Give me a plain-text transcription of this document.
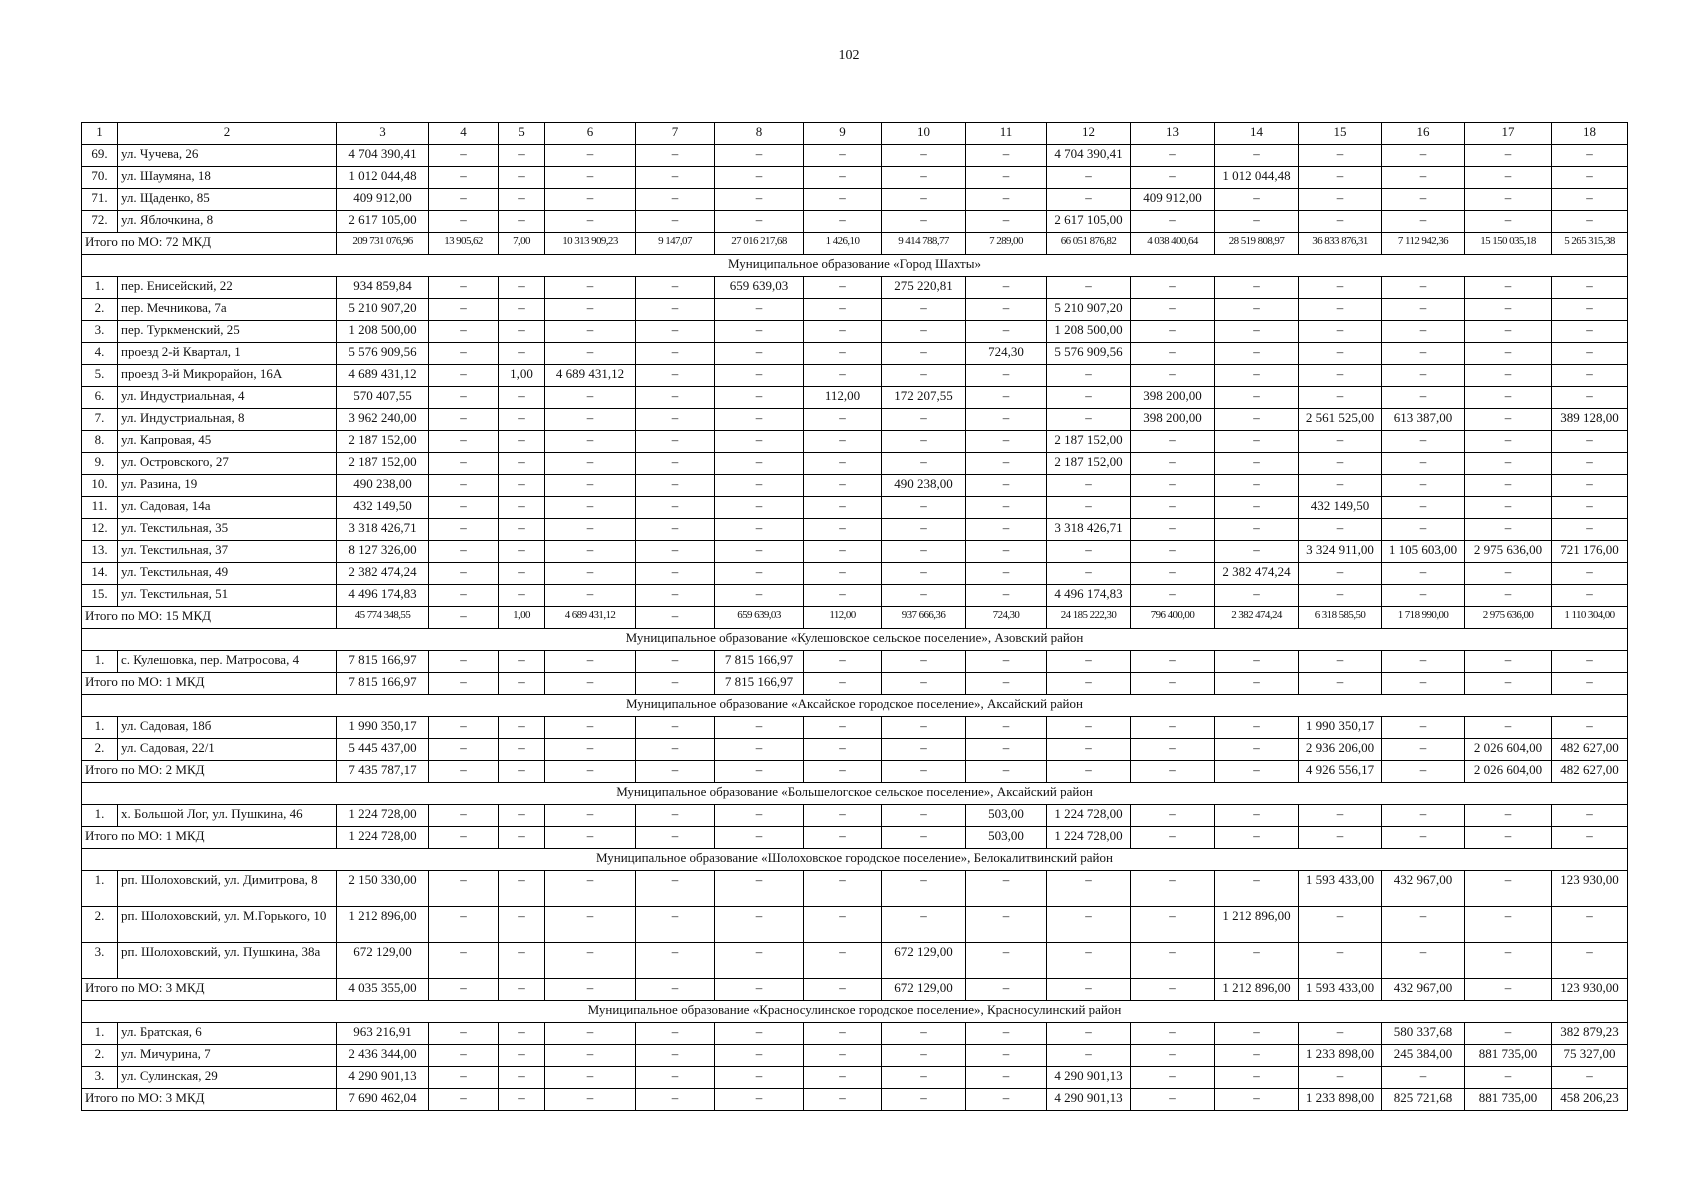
102
1	2	3	4	5	6	7	8	9	10	11	12	13	14	15	16	17	18
69.	ул. Чучева, 26	4 704 390,41	–	–	–	–	–	–	–	–	4 704 390,41	–	–	–	–	–	–
70.	ул. Шаумяна, 18	1 012 044,48	–	–	–	–	–	–	–	–	–	–	1 012 044,48	–	–	–	–
71.	ул. Щаденко, 85	409 912,00	–	–	–	–	–	–	–	–	–	409 912,00	–	–	–	–	–
72.	ул. Яблочкина, 8	2 617 105,00	–	–	–	–	–	–	–	–	2 617 105,00	–	–	–	–	–	–
Итого по МО: 72 МКД		209 731 076,96	13 905,62	7,00	10 313 909,23	9 147,07	27 016 217,68	1 426,10	9 414 788,77	7 289,00	66 051 876,82	4 038 400,64	28 519 808,97	36 833 876,31	7 112 942,36	15 150 035,18	5 265 315,38
Муниципальное образование «Город Шахты»																	
1.	пер. Енисейский, 22	934 859,84	–	–	–	–	659 639,03	–	275 220,81	–	–	–	–	–	–	–	–
2.	пер. Мечникова, 7а	5 210 907,20	–	–	–	–	–	–	–	–	5 210 907,20	–	–	–	–	–	–
3.	пер. Туркменский, 25	1 208 500,00	–	–	–	–	–	–	–	–	1 208 500,00	–	–	–	–	–	–
4.	проезд 2-й Квартал, 1	5 576 909,56	–	–	–	–	–	–	–	724,30	5 576 909,56	–	–	–	–	–	–
5.	проезд 3-й Микрорайон, 16А	4 689 431,12	–	1,00	4 689 431,12	–	–	–	–	–	–	–	–	–	–	–	–
6.	ул. Индустриальная, 4	570 407,55	–	–	–	–	–	112,00	172 207,55	–	–	398 200,00	–	–	–	–	–
7.	ул. Индустриальная, 8	3 962 240,00	–	–	–	–	–	–	–	–	–	398 200,00	–	2 561 525,00	613 387,00	–	389 128,00
8.	ул. Капровая, 45	2 187 152,00	–	–	–	–	–	–	–	–	2 187 152,00	–	–	–	–	–	–
9.	ул. Островского, 27	2 187 152,00	–	–	–	–	–	–	–	–	2 187 152,00	–	–	–	–	–	–
10.	ул. Разина, 19	490 238,00	–	–	–	–	–	–	490 238,00	–	–	–	–	–	–	–	–
11.	ул. Садовая, 14а	432 149,50	–	–	–	–	–	–	–	–	–	–	–	432 149,50	–	–	–
12.	ул. Текстильная, 35	3 318 426,71	–	–	–	–	–	–	–	–	3 318 426,71	–	–	–	–	–	–
13.	ул. Текстильная, 37	8 127 326,00	–	–	–	–	–	–	–	–	–	–	–	3 324 911,00	1 105 603,00	2 975 636,00	721 176,00
14.	ул. Текстильная, 49	2 382 474,24	–	–	–	–	–	–	–	–	–	–	2 382 474,24	–	–	–	–
15.	ул. Текстильная, 51	4 496 174,83	–	–	–	–	–	–	–	–	4 496 174,83	–	–	–	–	–	–
Итого по МО: 15 МКД		45 774 348,55	–	1,00	4 689 431,12	–	659 639,03	112,00	937 666,36	724,30	24 185 222,30	796 400,00	2 382 474,24	6 318 585,50	1 718 990,00	2 975 636,00	1 110 304,00
Муниципальное образование «Кулешовское сельское поселение», Азовский район																	
1.	с. Кулешовка, пер. Матросова, 4	7 815 166,97	–	–	–	–	7 815 166,97	–	–	–	–	–	–	–	–	–	–
Итого по МО: 1 МКД		7 815 166,97	–	–	–	–	7 815 166,97	–	–	–	–	–	–	–	–	–	–
Муниципальное образование «Аксайское городское поселение», Аксайский район																	
1.	ул. Садовая, 18б	1 990 350,17	–	–	–	–	–	–	–	–	–	–	–	1 990 350,17	–	–	–
2.	ул. Садовая, 22/1	5 445 437,00	–	–	–	–	–	–	–	–	–	–	–	2 936 206,00	–	2 026 604,00	482 627,00
Итого по МО: 2 МКД		7 435 787,17	–	–	–	–	–	–	–	–	–	–	–	4 926 556,17	–	2 026 604,00	482 627,00
Муниципальное образование «Большелогское сельское поселение», Аксайский район																	
1.	х. Большой Лог, ул. Пушкина, 46	1 224 728,00	–	–	–	–	–	–	–	503,00	1 224 728,00	–	–	–	–	–	–
Итого по МО: 1 МКД		1 224 728,00	–	–	–	–	–	–	–	503,00	1 224 728,00	–	–	–	–	–	–
Муниципальное образование «Шолоховское городское поселение», Белокалитвинский район																	
1.	рп. Шолоховский, ул. Димитрова, 8	2 150 330,00	–	–	–	–	–	–	–	–	–	–	–	1 593 433,00	432 967,00	–	123 930,00
2.	рп. Шолоховский, ул. М.Горького, 10	1 212 896,00	–	–	–	–	–	–	–	–	–	–	1 212 896,00	–	–	–	–
3.	рп. Шолоховский, ул. Пушкина, 38а	672 129,00	–	–	–	–	–	–	672 129,00	–	–	–	–	–	–	–	–
Итого по МО: 3 МКД		4 035 355,00	–	–	–	–	–	–	672 129,00	–	–	–	1 212 896,00	1 593 433,00	432 967,00	–	123 930,00
Муниципальное образование «Красносулинское городское поселение», Красносулинский район																	
1.	ул. Братская, 6	963 216,91	–	–	–	–	–	–	–	–	–	–	–	–	580 337,68	–	382 879,23
2.	ул. Мичурина, 7	2 436 344,00	–	–	–	–	–	–	–	–	–	–	–	1 233 898,00	245 384,00	881 735,00	75 327,00
3.	ул. Сулинская, 29	4 290 901,13	–	–	–	–	–	–	–	–	4 290 901,13	–	–	–	–	–	–
Итого по МО: 3 МКД		7 690 462,04	–	–	–	–	–	–	–	–	4 290 901,13	–	–	1 233 898,00	825 721,68	881 735,00	458 206,23
